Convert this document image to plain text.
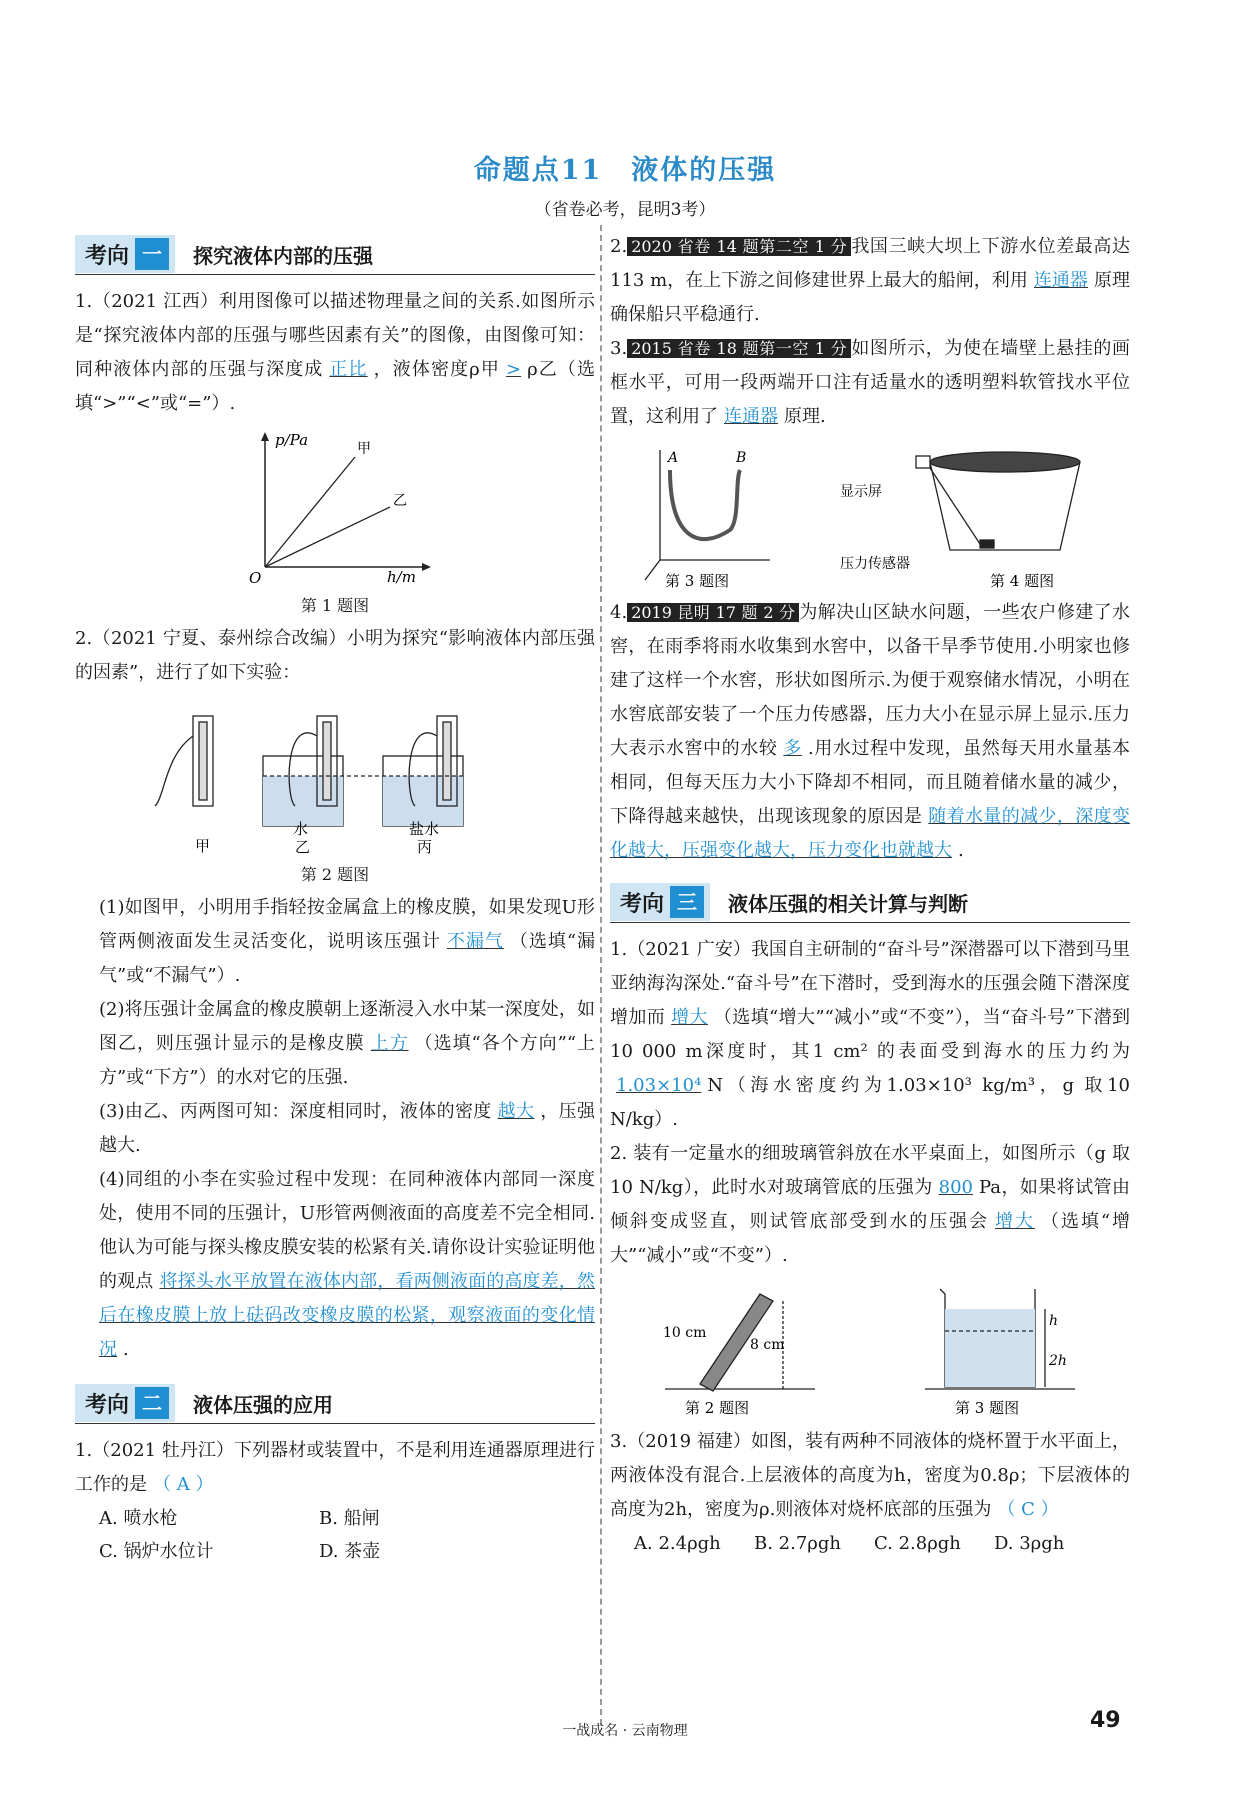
命题点11　液体的压强
（省卷必考，昆明3考）
考向 一	探究液体内部的压强

1.（2021 江西）利用图像可以描述物理量之间的关系.如图所示是“探究液体内部的压强与哪些因素有关”的图像，由图像可知：同种液体内部的压强与深度成 正比 ，液体密度ρ甲 > ρ乙（选填“>”“<”或“=”）.

p/Pa
h/m
O
甲
乙
第 1 题图

2.（2021 宁夏、泰州综合改编）小明为探究“影响液体内部压强的因素”，进行了如下实验：

甲
水
乙
盐水
丙
第 2 题图

(1)如图甲，小明用手指轻按金属盒上的橡皮膜，如果发现U形管两侧液面发生灵活变化，说明该压强计 不漏气 （选填“漏气”或“不漏气”）.

(2)将压强计金属盒的橡皮膜朝上逐渐浸入水中某一深度处，如图乙，则压强计显示的是橡皮膜 上方 （选填“各个方向”“上方”或“下方”）的水对它的压强.

(3)由乙、丙两图可知：深度相同时，液体的密度 越大 ，压强越大.

(4)同组的小李在实验过程中发现：在同种液体内部同一深度处，使用不同的压强计，U形管两侧液面的高度差不完全相同.他认为可能与探头橡皮膜安装的松紧有关.请你设计实验证明他的观点 将探头水平放置在液体内部，看两侧液面的高度差，然后在橡皮膜上放上砝码改变橡皮膜的松紧，观察液面的变化情况 .

考向 二	液体压强的应用

1.（2021 牡丹江）下列器材或装置中，不是利用连通器原理进行工作的是 （ A ）

A. 喷水枪	B. 船闸
C. 锅炉水位计	D. 茶壶

2. 2020 省卷 14 题第二空 1 分 我国三峡大坝上下游水位差最高达113 m，在上下游之间修建世界上最大的船闸，利用 连通器 原理确保船只平稳通行.

3. 2015 省卷 18 题第一空 1 分 如图所示，为使在墙壁上悬挂的画框水平，可用一段两端开口注有适量水的透明塑料软管找水平位置，这利用了 连通器 原理.

A	B
第 3 题图
显示屏
压力传感器
第 4 题图

4. 2019 昆明 17 题 2 分 为解决山区缺水问题，一些农户修建了水窖，在雨季将雨水收集到水窖中，以备干旱季节使用.小明家也修建了这样一个水窖，形状如图所示.为便于观察储水情况，小明在水窖底部安装了一个压力传感器，压力大小在显示屏上显示.压力大表示水窖中的水较 多 .用水过程中发现，虽然每天用水量基本相同，但每天压力大小下降却不相同，而且随着储水量的减少，下降得越来越快，出现该现象的原因是 随着水量的减少，深度变化越大，压强变化越大，压力变化也就越大 .

考向 三	液体压强的相关计算与判断

1.（2021 广安）我国自主研制的“奋斗号”深潜器可以下潜到马里亚纳海沟深处.“奋斗号”在下潜时，受到海水的压强会随下潜深度增加而 增大 （选填“增大”“减小”或“不变”），当“奋斗号”下潜到10 000 m深度时，其1 cm² 的表面受到海水的压力约为1.03×10⁴ N（海水密度约为1.03×10³ kg/m³，g 取10 N/kg）.

2. 装有一定量水的细玻璃管斜放在水平桌面上，如图所示（g 取10 N/kg），此时水对玻璃管底的压强为 800 Pa，如果将试管由倾斜变成竖直，则试管底部受到水的压强会 增大 （选填“增大”“减小”或“不变”）.

10 cm
8 cm
第 2 题图
h
2h
第 3 题图

3.（2019 福建）如图，装有两种不同液体的烧杯置于水平面上，两液体没有混合.上层液体的高度为h，密度为0.8ρ；下层液体的高度为2h，密度为ρ.则液体对烧杯底部的压强为 （ C ）

A. 2.4ρgh	B. 2.7ρgh	C. 2.8ρgh	D. 3ρgh
一战成名 · 云南物理	49
